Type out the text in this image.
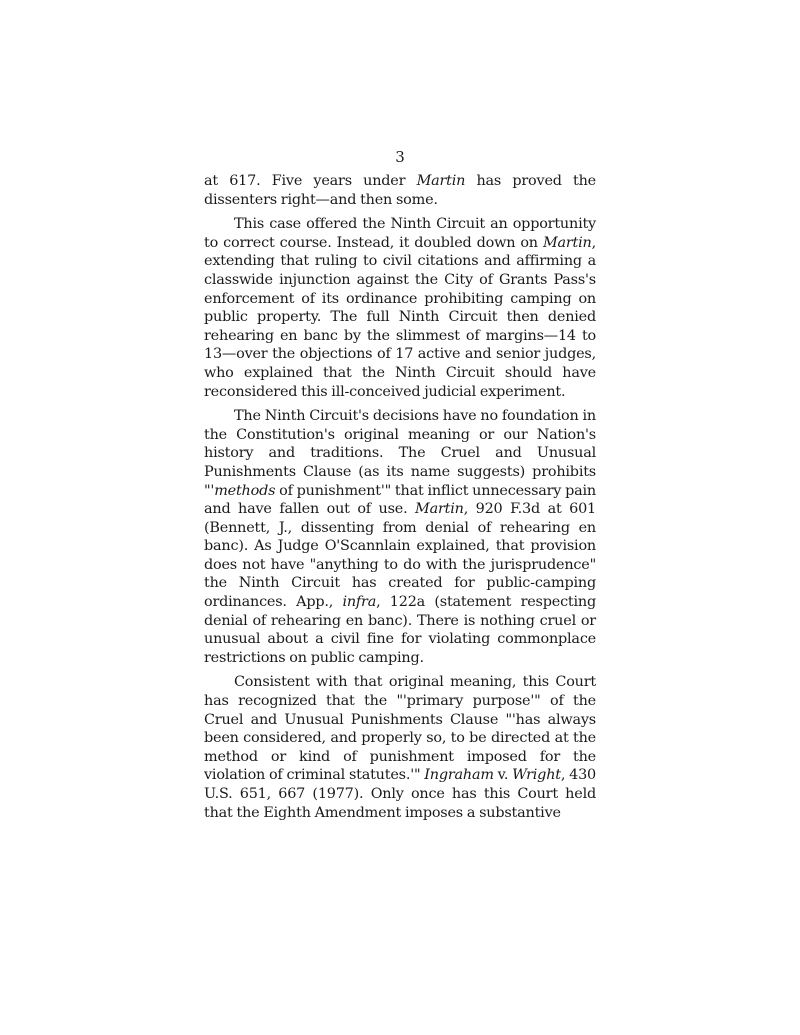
3

at 617. Five years under Martin has proved the dissenters right—and then some.

This case offered the Ninth Circuit an opportunity to correct course. Instead, it doubled down on Martin, extending that ruling to civil citations and affirming a classwide injunction against the City of Grants Pass's enforcement of its ordinance prohibiting camping on public property. The full Ninth Circuit then denied rehearing en banc by the slimmest of margins—14 to 13—over the objections of 17 active and senior judges, who explained that the Ninth Circuit should have reconsidered this ill-conceived judicial experiment.

The Ninth Circuit's decisions have no foundation in the Constitution's original meaning or our Nation's history and traditions. The Cruel and Unusual Punishments Clause (as its name suggests) prohibits "'methods of punishment'" that inflict unnecessary pain and have fallen out of use. Martin, 920 F.3d at 601 (Bennett, J., dissenting from denial of rehearing en banc). As Judge O'Scannlain explained, that provision does not have "anything to do with the jurisprudence" the Ninth Circuit has created for public-camping ordinances. App., infra, 122a (statement respecting denial of rehearing en banc). There is nothing cruel or unusual about a civil fine for violating commonplace restrictions on public camping.

Consistent with that original meaning, this Court has recognized that the "'primary purpose'" of the Cruel and Unusual Punishments Clause "'has always been considered, and properly so, to be directed at the method or kind of punishment imposed for the violation of criminal statutes.'" Ingraham v. Wright, 430 U.S. 651, 667 (1977). Only once has this Court held that the Eighth Amendment imposes a substantive
